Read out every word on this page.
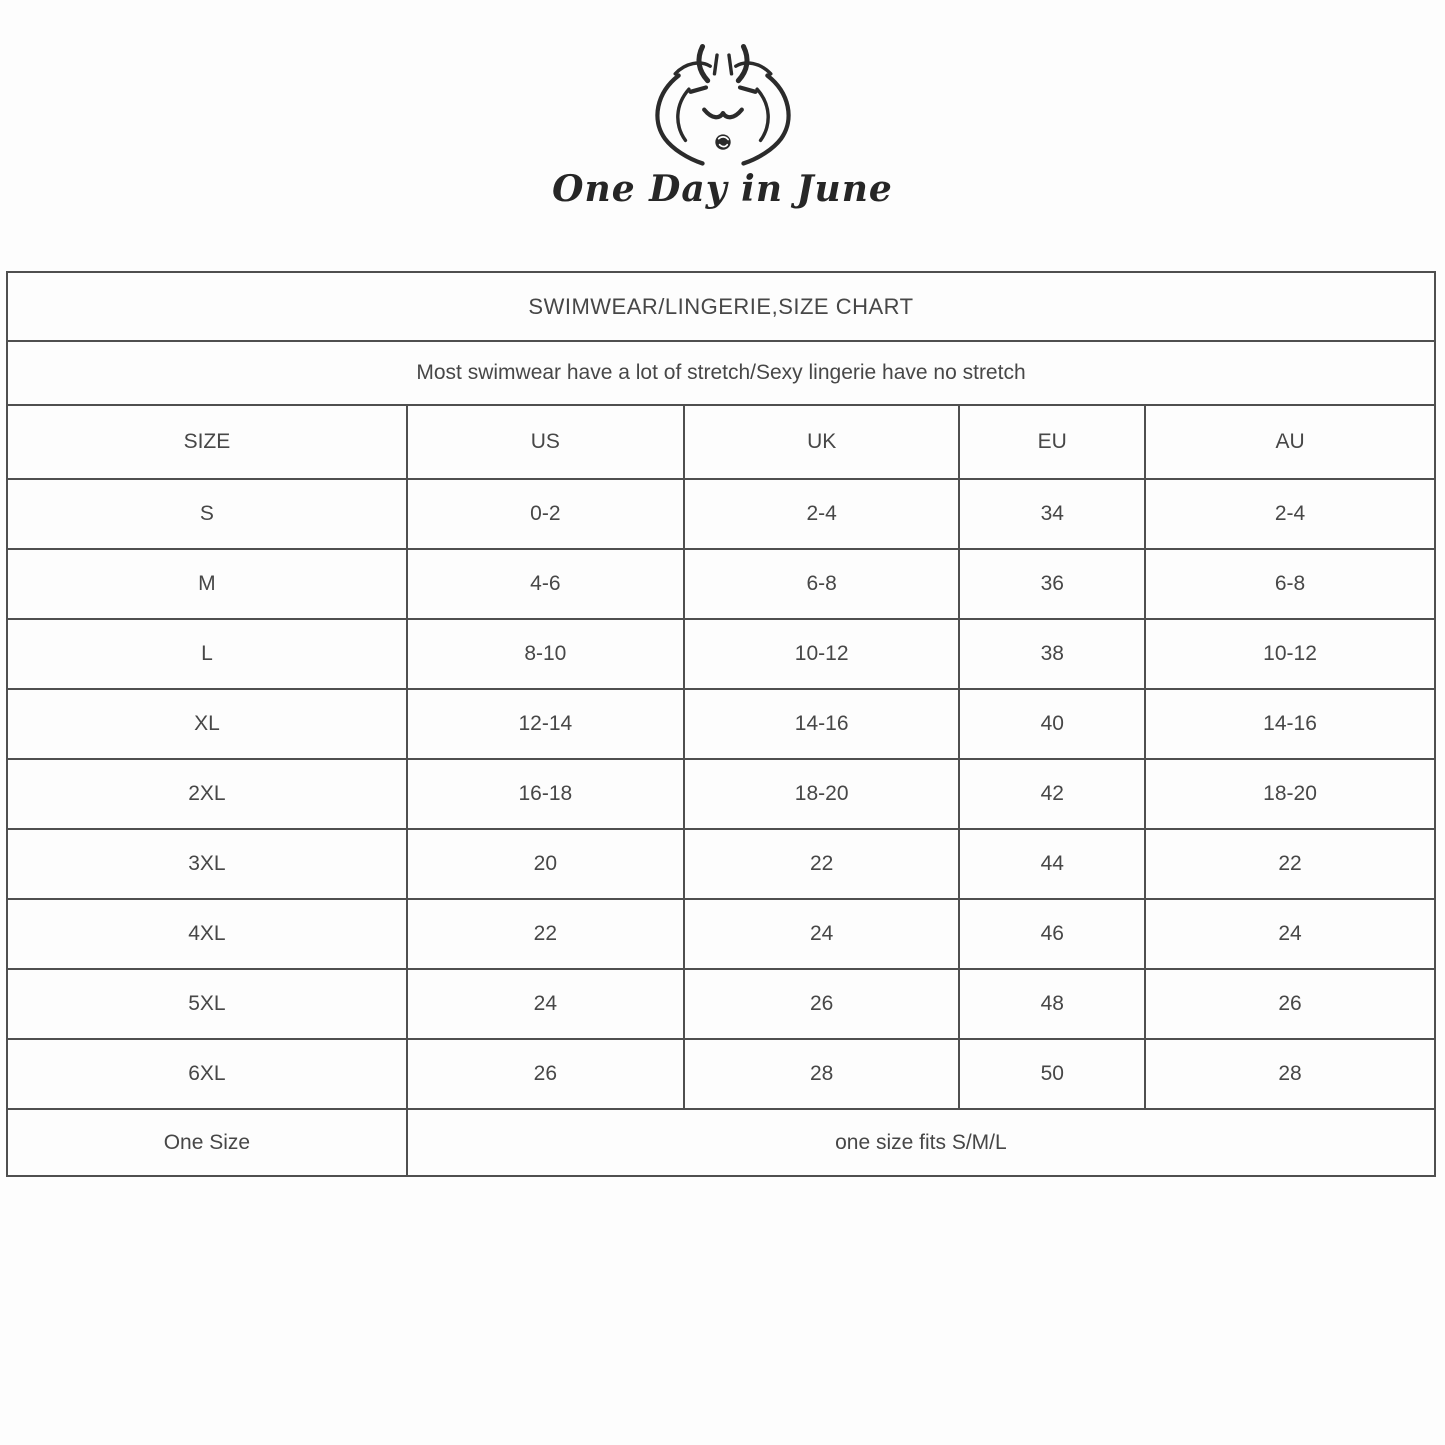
One Day in June
SWIMWEAR/LINGERIE,SIZE CHART				
Most swimwear have a lot of stretch/Sexy lingerie have no stretch				
SIZE	US	UK	EU	AU
S	0-2	2-4	34	2-4
M	4-6	6-8	36	6-8
L	8-10	10-12	38	10-12
XL	12-14	14-16	40	14-16
2XL	16-18	18-20	42	18-20
3XL	20	22	44	22
4XL	22	24	46	24
5XL	24	26	48	26
6XL	26	28	50	28
One Size	one size fits S/M/L			
